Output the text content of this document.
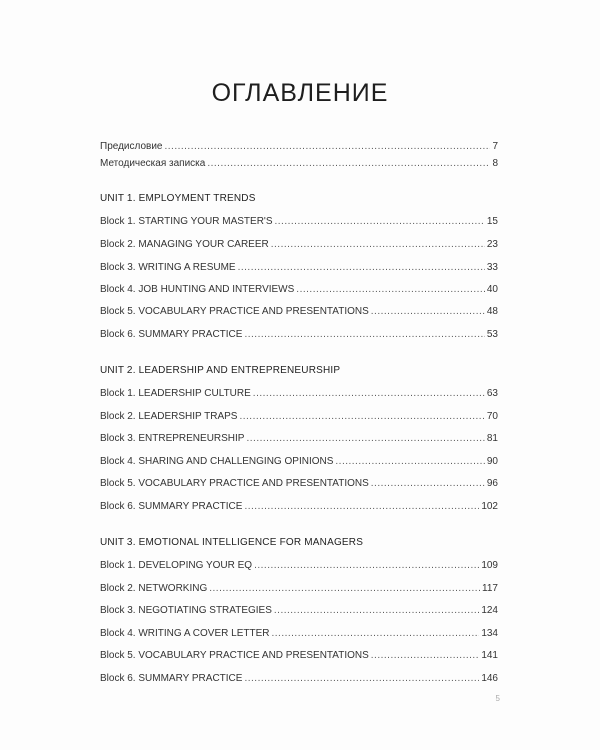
ОГЛАВЛЕНИЕ
Предисловие .....	7
Методическая записка .....	8
UNIT 1. EMPLOYMENT TRENDS
Block 1. STARTING YOUR MASTER'S .....	15
Block 2. MANAGING YOUR CAREER .....	23
Block 3. WRITING A RESUME .....	33
Block 4. JOB HUNTING AND INTERVIEWS .....	40
Block 5. VOCABULARY PRACTICE AND PRESENTATIONS .....	48
Block 6. SUMMARY PRACTICE .....	53
UNIT 2. LEADERSHIP AND ENTREPRENEURSHIP
Block 1. LEADERSHIP CULTURE .....	63
Block 2. LEADERSHIP TRAPS .....	70
Block 3. ENTREPRENEURSHIP .....	81
Block 4. SHARING AND CHALLENGING OPINIONS .....	90
Block 5. VOCABULARY PRACTICE AND PRESENTATIONS .....	96
Block 6. SUMMARY PRACTICE .....	102
UNIT 3. EMOTIONAL INTELLIGENCE FOR MANAGERS
Block 1. DEVELOPING YOUR EQ .....	109
Block 2. NETWORKING .....	117
Block 3. NEGOTIATING STRATEGIES .....	124
Block 4. WRITING A COVER LETTER .....	134
Block 5. VOCABULARY PRACTICE AND PRESENTATIONS .....	141
Block 6. SUMMARY PRACTICE .....	146
5
